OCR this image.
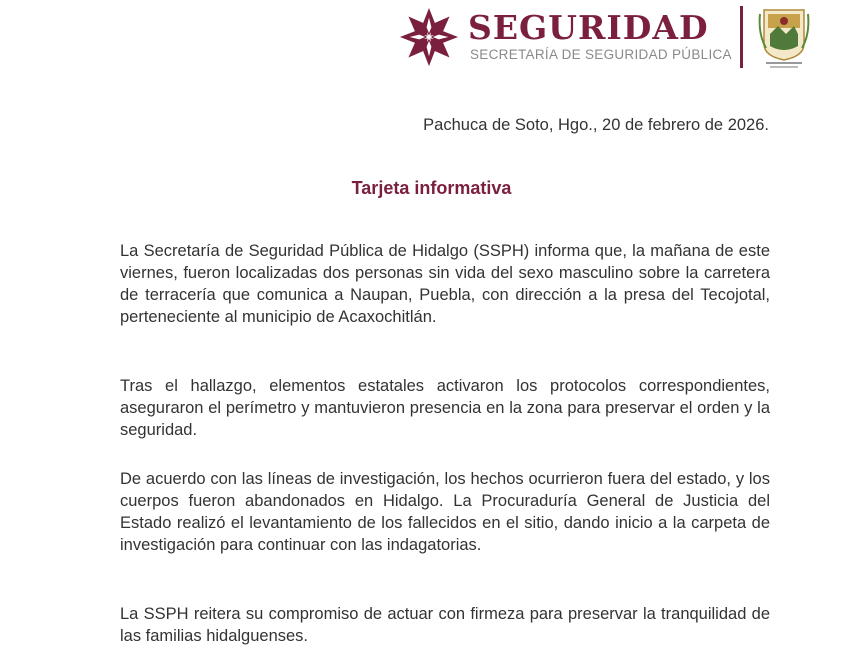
SEGURIDAD
SECRETARÍA DE SEGURIDAD PÚBLICA
Pachuca de Soto, Hgo., 20 de febrero de 2026.
Tarjeta informativa

La Secretaría de Seguridad Pública de Hidalgo (SSPH) informa que, la mañana de este viernes, fueron localizadas dos personas sin vida del sexo masculino sobre la carretera de terracería que comunica a Naupan, Puebla, con dirección a la presa del Tecojotal, perteneciente al municipio de Acaxochitlán.

Tras el hallazgo, elementos estatales activaron los protocolos correspondientes, aseguraron el perímetro y mantuvieron presencia en la zona para preservar el orden y la seguridad.

De acuerdo con las líneas de investigación, los hechos ocurrieron fuera del estado, y los cuerpos fueron abandonados en Hidalgo. La Procuraduría General de Justicia del Estado realizó el levantamiento de los fallecidos en el sitio, dando inicio a la carpeta de investigación para continuar con las indagatorias.

La SSPH reitera su compromiso de actuar con firmeza para preservar la tranquilidad de las familias hidalguenses.
